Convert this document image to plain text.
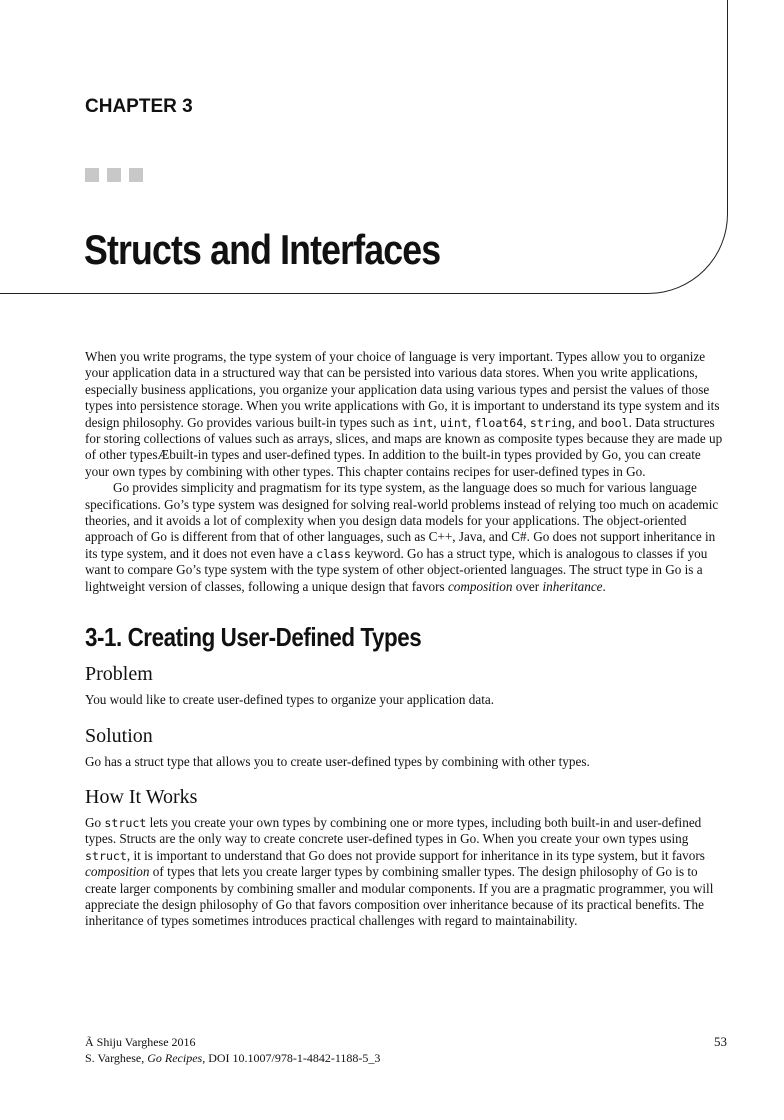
CHAPTER 3
Structs and Interfaces

When you write programs, the type system of your choice of language is very important. Types allow you to organize your application data in a structured way that can be persisted into various data stores. When you write applications, especially business applications, you organize your application data using various types and persist the values of those types into persistence storage. When you write applications with Go, it is important to understand its type system and its design philosophy. Go provides various built-in types such as int, uint, float64, string, and bool. Data structures for storing collections of values such as arrays, slices, and maps are known as composite types because they are made up of other typesÆbuilt-in types and user-defined types. In addition to the built-in types provided by Go, you can create your own types by combining with other types. This chapter contains recipes for user-defined types in Go.

Go provides simplicity and pragmatism for its type system, as the language does so much for various language specifications. Go’s type system was designed for solving real-world problems instead of relying too much on academic theories, and it avoids a lot of complexity when you design data models for your applications. The object-oriented approach of Go is different from that of other languages, such as C++, Java, and C#. Go does not support inheritance in its type system, and it does not even have a class keyword. Go has a struct type, which is analogous to classes if you want to compare Go’s type system with the type system of other object-oriented languages. The struct type in Go is a lightweight version of classes, following a unique design that favors composition over inheritance.

3-1. Creating User-Defined Types
Problem

You would like to create user-defined types to organize your application data.

Solution

Go has a struct type that allows you to create user-defined types by combining with other types.

How It Works

Go struct lets you create your own types by combining one or more types, including both built-in and user-defined types. Structs are the only way to create concrete user-defined types in Go. When you create your own types using struct, it is important to understand that Go does not provide support for inheritance in its type system, but it favors composition of types that lets you create larger types by combining smaller types. The design philosophy of Go is to create larger components by combining smaller and modular components. If you are a pragmatic programmer, you will appreciate the design philosophy of Go that favors composition over inheritance because of its practical benefits. The inheritance of types sometimes introduces practical challenges with regard to maintainability.

Ã Shiju Varghese 2016
S. Varghese, Go Recipes, DOI 10.1007/978-1-4842-1188-5_3
53
